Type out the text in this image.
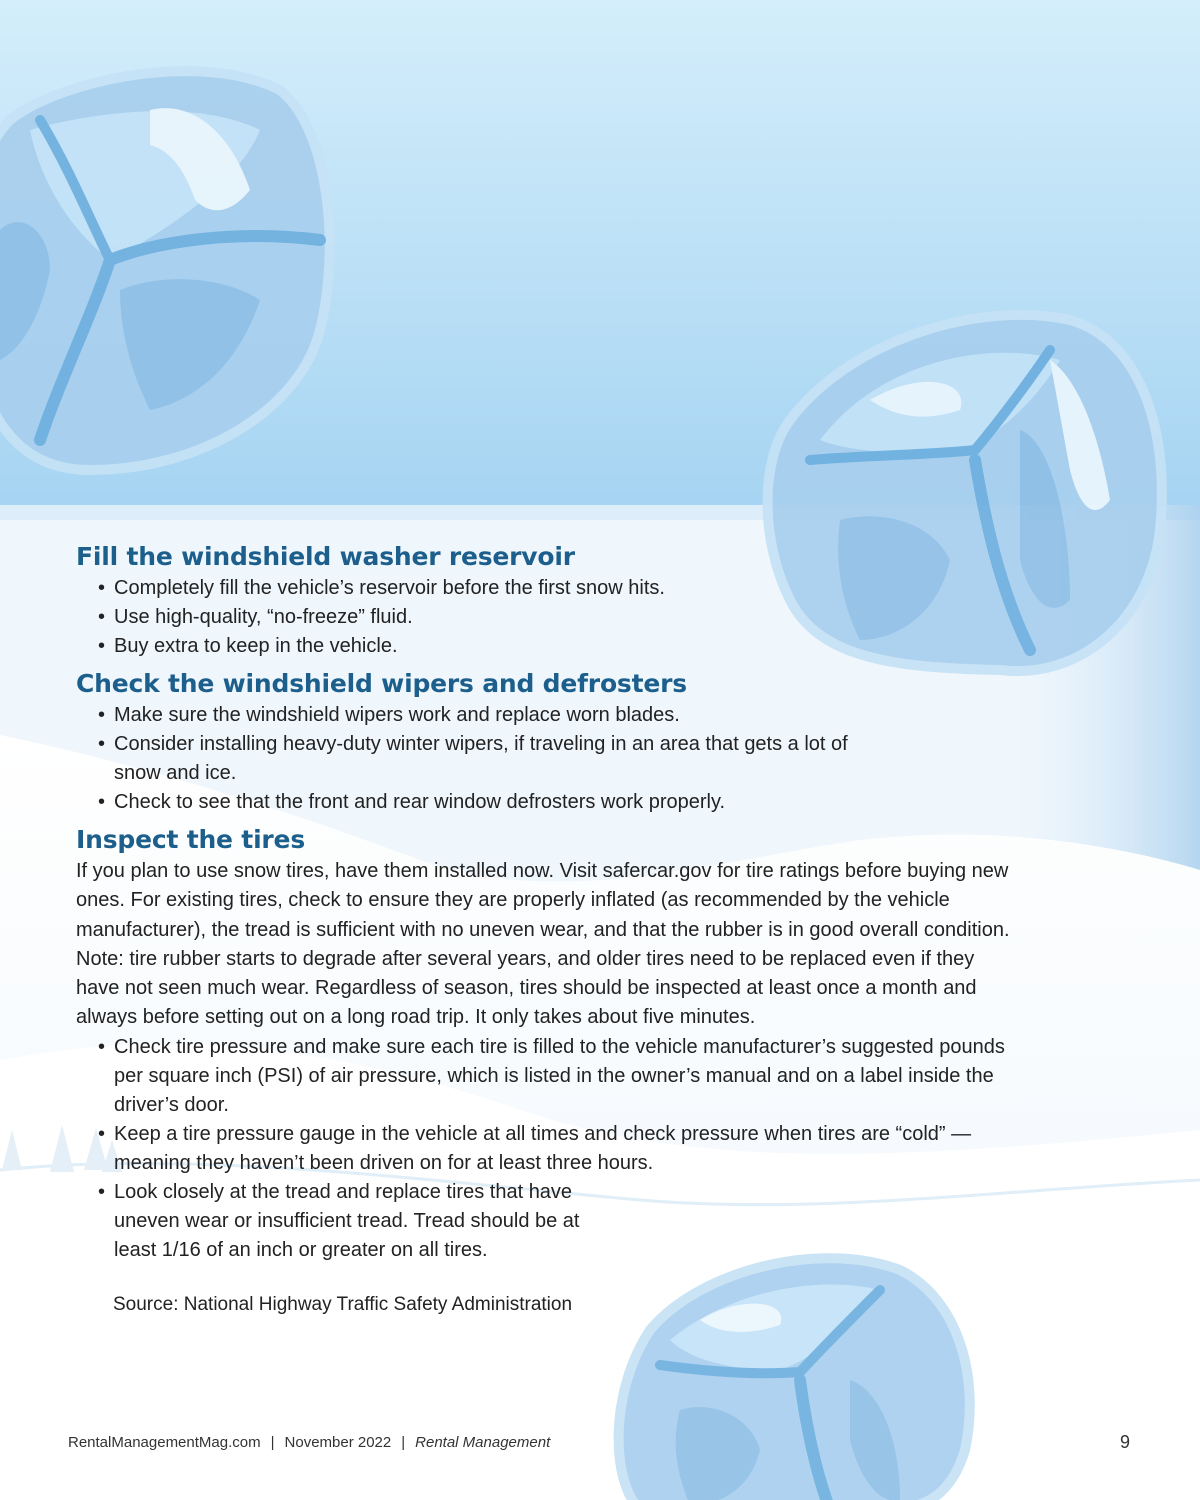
Fill the windshield washer reservoir
• Completely fill the vehicle’s reservoir before the first snow hits.
• Use high-quality, “no-freeze” fluid.
• Buy extra to keep in the vehicle.
Check the windshield wipers and defrosters
• Make sure the windshield wipers work and replace worn blades.
• Consider installing heavy-duty winter wipers, if traveling in an area that gets a lot of snow and ice.
• Check to see that the front and rear window defrosters work properly.
Inspect the tires

If you plan to use snow tires, have them installed now. Visit safercar.gov for tire ratings before buying new ones. For existing tires, check to ensure they are properly inflated (as recommended by the vehicle manufacturer), the tread is sufficient with no uneven wear, and that the rubber is in good overall condition. Note: tire rubber starts to degrade after several years, and older tires need to be replaced even if they have not seen much wear. Regardless of season, tires should be inspected at least once a month and always before setting out on a long road trip. It only takes about five minutes.

• Check tire pressure and make sure each tire is filled to the vehicle manufacturer’s suggested pounds per square inch (PSI) of air pressure, which is listed in the owner’s manual and on a label inside the driver’s door.
• Keep a tire pressure gauge in the vehicle at all times and check pressure when tires are “cold” — meaning they haven’t been driven on for at least three hours.
• Look closely at the tread and replace tires that have uneven wear or insufficient tread. Tread should be at least 1/16 of an inch or greater on all tires.
Source: National Highway Traffic Safety Administration
RentalManagementMag.com | November 2022 | Rental Management	9
